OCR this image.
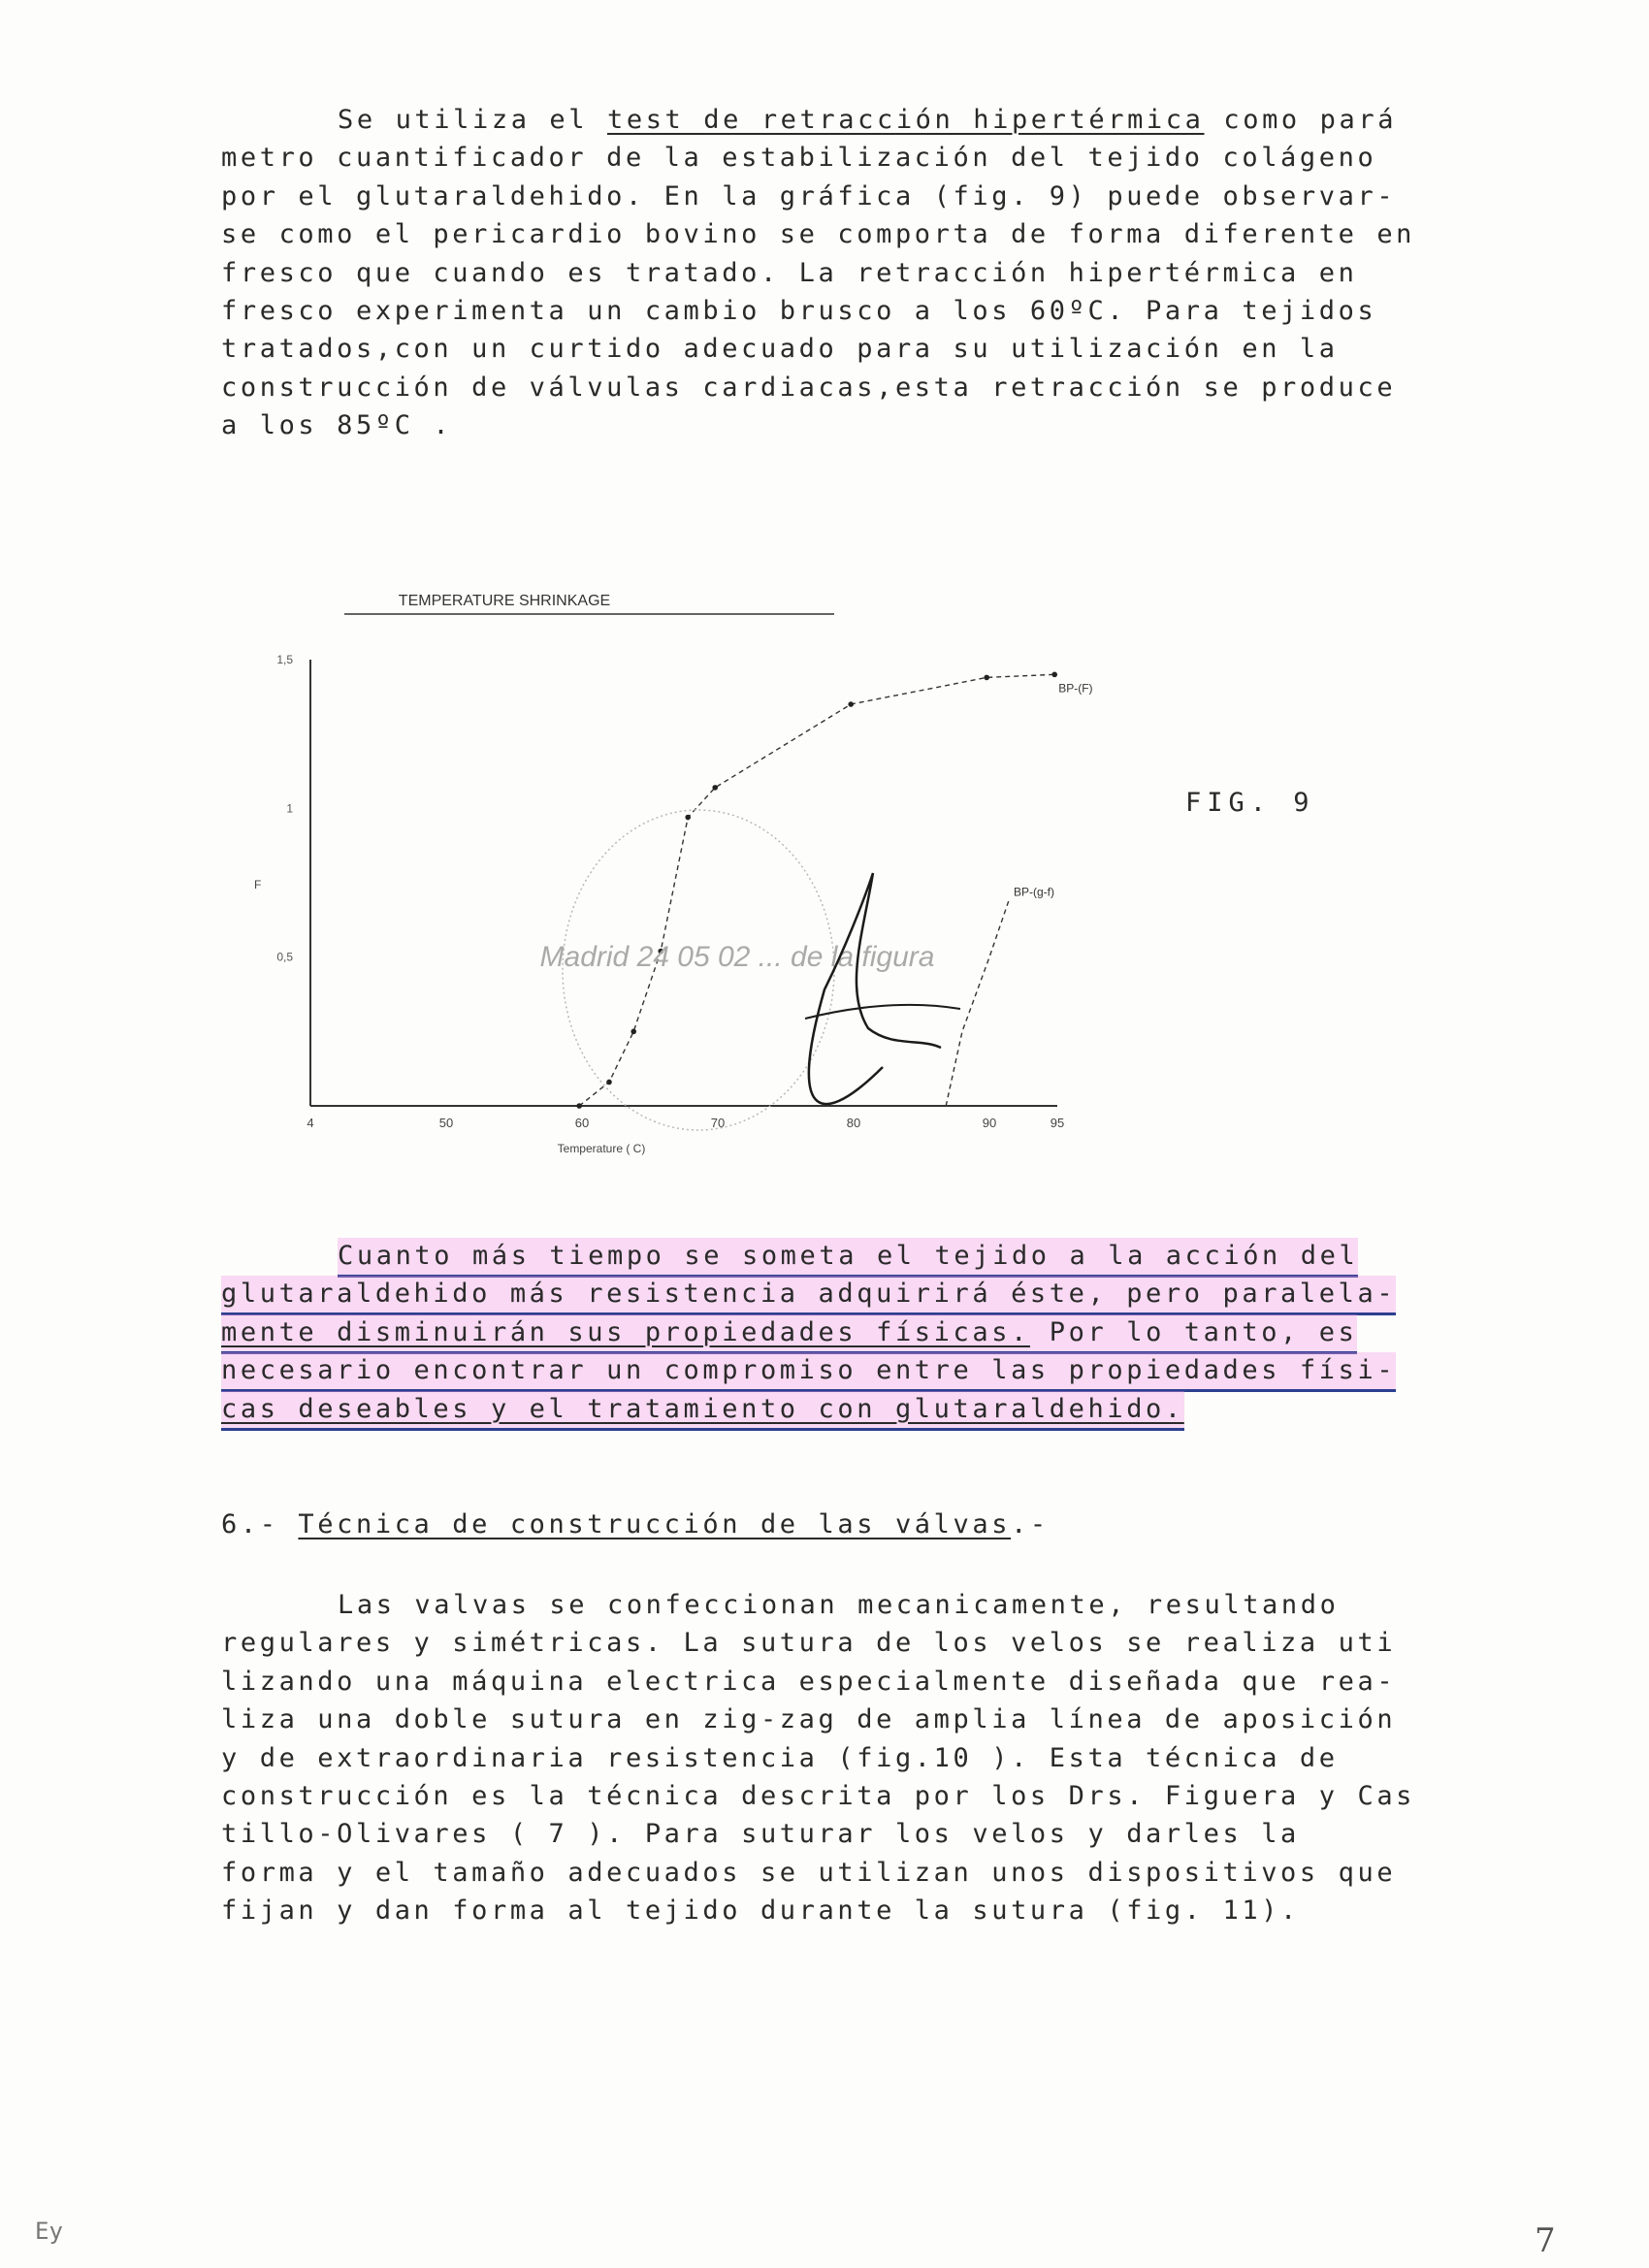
Se utiliza el test de retracción hipertérmica como pará
metro cuantificador de la estabilización del tejido colágeno
por el glutaraldehido. En la gráfica (fig. 9) puede observar-
se como el pericardio bovino se comporta de forma diferente en
fresco que cuando es tratado. La retracción hipertérmica en
fresco experimenta un cambio brusco a los 60ºC. Para tejidos
tratados,con un curtido adecuado para su utilización en la
construcción de válvulas cardiacas,esta retracción se produce
a los 85ºC .
TEMPERATURE SHRINKAGE
4	50	60	70	80	90	95
0,5
1
1,5
F
Temperature ( C)
BP-(F)
BP-(g-f)
Madrid 24 05 02 ... de la figura
FIG. 9
Cuanto más tiempo se someta el tejido a la acción del
glutaraldehido más resistencia adquirirá éste, pero paralela-
mente disminuirán sus propiedades físicas. Por lo tanto, es
necesario encontrar un compromiso entre las propiedades físi-
cas deseables y el tratamiento con glutaraldehido.
6.- Técnica de construcción de las válvas.-
Las valvas se confeccionan mecanicamente, resultando
regulares y simétricas. La sutura de los velos se realiza uti
lizando una máquina electrica especialmente diseñada que rea-
liza una doble sutura en zig-zag de amplia línea de aposición
y de extraordinaria resistencia (fig.10 ). Esta técnica de
construcción es la técnica descrita por los Drs. Figuera y Cas
tillo-Olivares ( 7 ). Para suturar los velos y darles la
forma y el tamaño adecuados se utilizan unos dispositivos que
fijan y dan forma al tejido durante la sutura (fig. 11).
7
Ey
